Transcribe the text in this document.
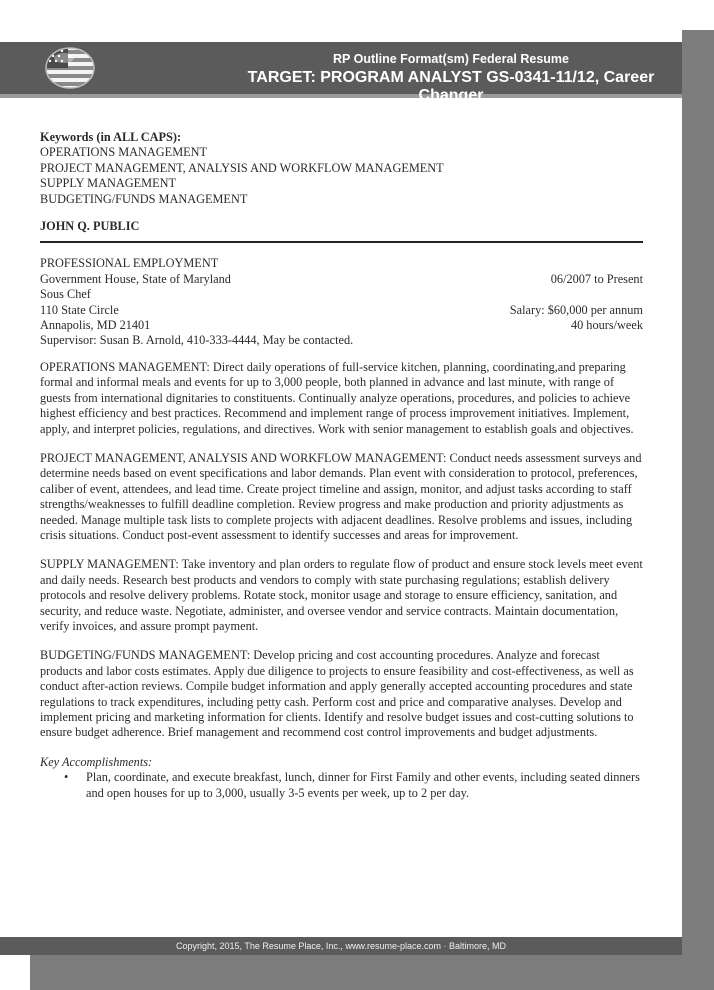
RP Outline Format(sm) Federal Resume
TARGET: PROGRAM ANALYST GS-0341-11/12, Career Changer
Keywords (in ALL CAPS):
OPERATIONS MANAGEMENT
PROJECT MANAGEMENT, ANALYSIS AND WORKFLOW MANAGEMENT
SUPPLY MANAGEMENT
BUDGETING/FUNDS MANAGEMENT
JOHN Q. PUBLIC
PROFESSIONAL EMPLOYMENT
Government House, State of Maryland	06/2007 to Present
Sous Chef
110 State Circle	Salary: $60,000 per annum
Annapolis, MD 21401	40 hours/week
Supervisor: Susan B. Arnold, 410-333-4444, May be contacted.

OPERATIONS MANAGEMENT: Direct daily operations of full-service kitchen, planning, coordinating,and preparing formal and informal meals and events for up to 3,000 people, both planned in advance and last minute, with range of guests from international dignitaries to constituents. Continually analyze operations, procedures, and policies to achieve highest efficiency and best practices. Recommend and implement range of process improvement initiatives. Implement, apply, and interpret policies, regulations, and directives. Work with senior management to establish goals and objectives.

PROJECT MANAGEMENT, ANALYSIS AND WORKFLOW MANAGEMENT: Conduct needs assessment surveys and determine needs based on event specifications and labor demands. Plan event with consideration to protocol, preferences, caliber of event, attendees, and lead time. Create project timeline and assign, monitor, and adjust tasks according to staff strengths/weaknesses to fulfill deadline completion. Review progress and make production and priority adjustments as needed. Manage multiple task lists to complete projects with adjacent deadlines. Resolve problems and issues, including crisis situations. Conduct post-event assessment to identify successes and areas for improvement.

SUPPLY MANAGEMENT: Take inventory and plan orders to regulate flow of product and ensure stock levels meet event and daily needs. Research best products and vendors to comply with state purchasing regulations; establish delivery protocols and resolve delivery problems. Rotate stock, monitor usage and storage to ensure efficiency, sanitation, and security, and reduce waste. Negotiate, administer, and oversee vendor and service contracts. Maintain documentation, verify invoices, and assure prompt payment.

BUDGETING/FUNDS MANAGEMENT: Develop pricing and cost accounting procedures. Analyze and forecast products and labor costs estimates. Apply due diligence to projects to ensure feasibility and cost-effectiveness, as well as conduct after-action reviews. Compile budget information and apply generally accepted accounting procedures and state regulations to track expenditures, including petty cash. Perform cost and price and comparative analyses. Develop and implement pricing and marketing information for clients. Identify and resolve budget issues and cost-cutting solutions to ensure budget adherence. Brief management and recommend cost control improvements and budget adjustments.

Key Accomplishments:
• Plan, coordinate, and execute breakfast, lunch, dinner for First Family and other events, including seated dinners and open houses for up to 3,000, usually 3-5 events per week, up to 2 per day.
Copyright, 2015, The Resume Place, Inc., www.resume-place.com · Baltimore, MD
